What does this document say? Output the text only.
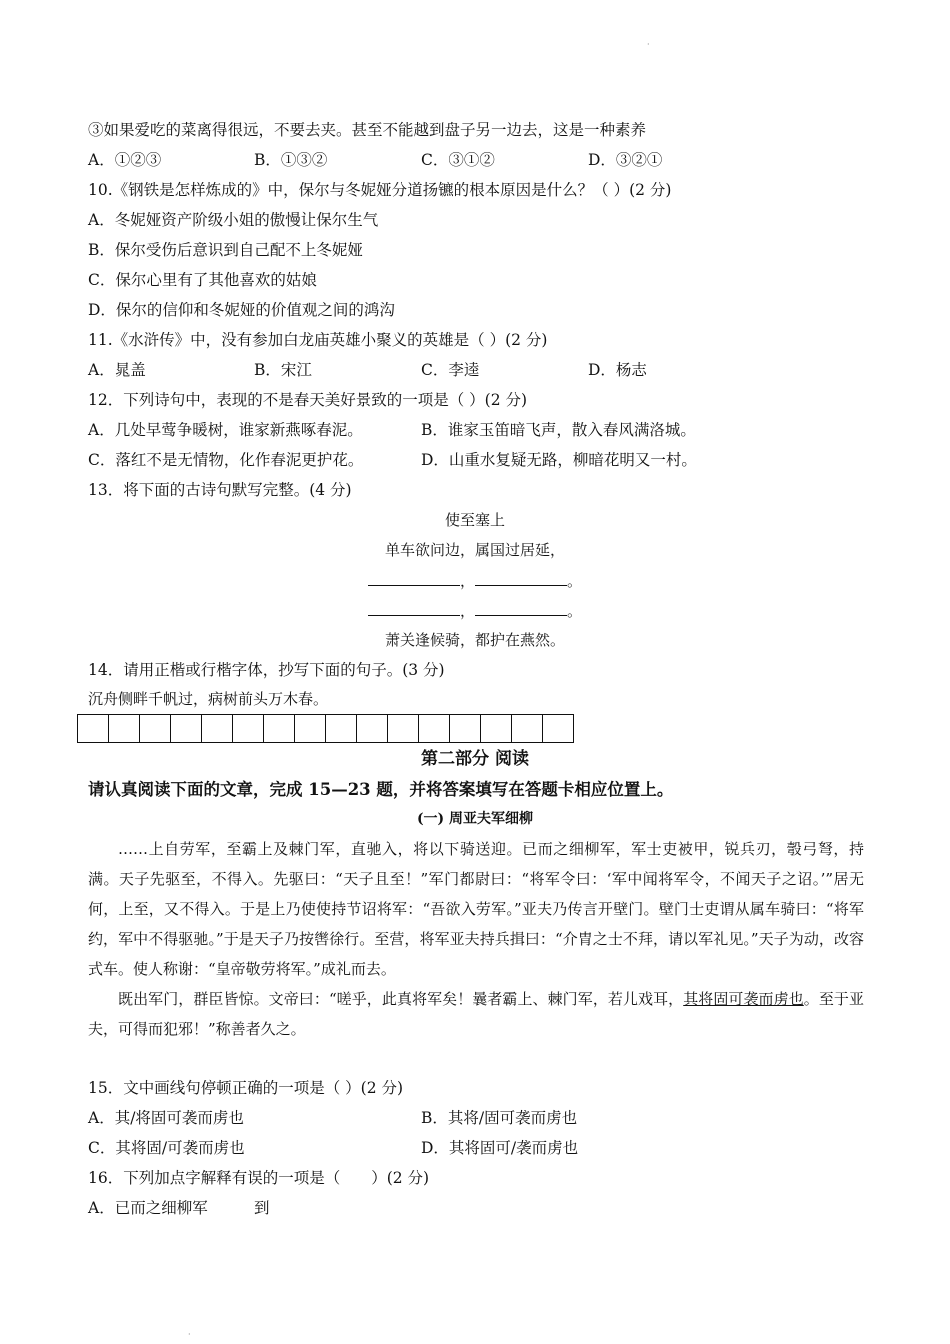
·
·
③如果爱吃的菜离得很远，不要去夹。甚至不能越到盘子另一边去，这是一种素养
A．①②③	B．①③②	C．③①②	D．③②①
10.《钢铁是怎样炼成的》中，保尔与冬妮娅分道扬镳的根本原因是什么？（ ）(2 分)
A．冬妮娅资产阶级小姐的傲慢让保尔生气
B．保尔受伤后意识到自己配不上冬妮娅
C．保尔心里有了其他喜欢的姑娘
D．保尔的信仰和冬妮娅的价值观之间的鸿沟
11.《水浒传》中，没有参加白龙庙英雄小聚义的英雄是（ ）(2 分)
A．晁盖	B．宋江	C．李逵	D．杨志
12．下列诗句中，表现的不是春天美好景致的一项是（ ）(2 分)
A．几处早莺争暖树，谁家新燕啄春泥。	B．谁家玉笛暗飞声，散入春风满洛城。
C．落红不是无情物，化作春泥更护花。	D．山重水复疑无路，柳暗花明又一村。
13．将下面的古诗句默写完整。(4 分)
使至塞上
单车欲问边，属国过居延，
，	。
，	。
萧关逢候骑，都护在燕然。
14．请用正楷或行楷字体，抄写下面的句子。(3 分)
沉舟侧畔千帆过，病树前头万木春。
第二部分 阅读
请认真阅读下面的文章，完成 15—23 题，并将答案填写在答题卡相应位置上。
(一) 周亚夫军细柳

……上自劳军，至霸上及棘门军，直驰入，将以下骑送迎。已而之细柳军，军士吏被甲，锐兵刃，彀弓弩，持满。天子先驱至，不得入。先驱曰：“天子且至！”军门都尉曰：“将军令曰：‘军中闻将军令，不闻天子之诏。’”居无何，上至，又不得入。于是上乃使使持节诏将军：“吾欲入劳军。”亚夫乃传言开壁门。壁门士吏谓从属车骑曰：“将军约，军中不得驱驰。”于是天子乃按辔徐行。至营，将军亚夫持兵揖曰：“介胄之士不拜，请以军礼见。”天子为动，改容式车。使人称谢：“皇帝敬劳将军。”成礼而去。

既出军门，群臣皆惊。文帝曰：“嗟乎，此真将军矣！曩者霸上、棘门军，若儿戏耳，其将固可袭而虏也。至于亚夫，可得而犯邪！”称善者久之。

15．文中画线句停顿正确的一项是（ ）(2 分)
A．其/将固可袭而虏也	B．其将/固可袭而虏也
C．其将固/可袭而虏也	D．其将固可/袭而虏也
16．下列加点字解释有误的一项是（　　）(2 分)
A．已而之细柳军	到
